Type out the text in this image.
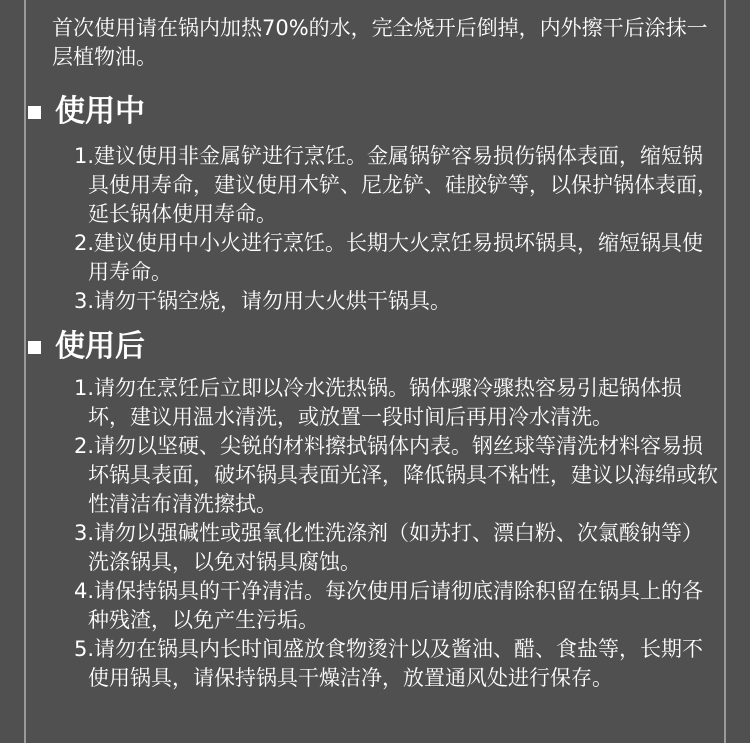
首次使用请在锅内加热70%的水，完全烧开后倒掉，内外擦干后涂抹一层植物油。

使用中
1.建议使用非金属铲进行烹饪。金属锅铲容易损伤锅体表面，缩短锅具使用寿命，建议使用木铲、尼龙铲、硅胶铲等，以保护锅体表面，延长锅体使用寿命。
2.建议使用中小火进行烹饪。长期大火烹饪易损坏锅具，缩短锅具使用寿命。
3.请勿干锅空烧，请勿用大火烘干锅具。
使用后
1.请勿在烹饪后立即以冷水洗热锅。锅体骤冷骤热容易引起锅体损坏，建议用温水清洗，或放置一段时间后再用冷水清洗。
2.请勿以坚硬、尖锐的材料擦拭锅体内表。钢丝球等清洗材料容易损坏锅具表面，破坏锅具表面光泽，降低锅具不粘性，建议以海绵或软性清洁布清洗擦拭。
3.请勿以强碱性或强氧化性洗涤剂（如苏打、漂白粉、次氯酸钠等）洗涤锅具，以免对锅具腐蚀。
4.请保持锅具的干净清洁。每次使用后请彻底清除积留在锅具上的各种残渣，以免产生污垢。
5.请勿在锅具内长时间盛放食物烫汁以及酱油、醋、食盐等，长期不使用锅具，请保持锅具干燥洁净，放置通风处进行保存。
